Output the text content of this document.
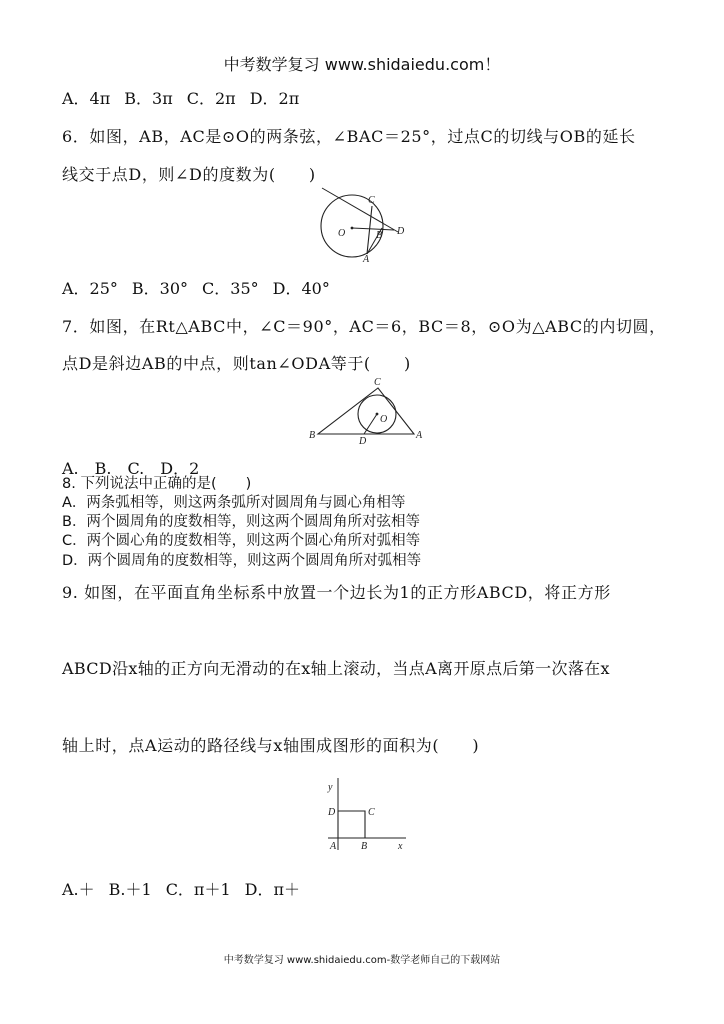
中考数学复习 www.shidaiedu.com！
A．4π B．3π C．2π D．2π
6．如图，AB，AC是⊙O的两条弦，∠BAC＝25°，过点C的切线与OB的延长
线交于点D，则∠D的度数为(　　)
C
O	B D
A
A．25° B．30° C．35° D．40°
7．如图，在Rt△ABC中，∠C＝90°，AC＝6，BC＝8，⊙O为△ABC的内切圆，
点D是斜边AB的中点，则tan∠ODA等于(　　)
C
O
B
D
A
A.　B.　C.　D．2
8. 下列说法中正确的是(　　)
A．两条弧相等，则这两条弧所对圆周角与圆心角相等
B．两个圆周角的度数相等，则这两个圆周角所对弦相等
C．两个圆心角的度数相等，则这两个圆心角所对弧相等
D．两个圆周角的度数相等，则这两个圆周角所对弧相等
9. 如图，在平面直角坐标系中放置一个边长为1的正方形ABCD，将正方形
ABCD沿x轴的正方向无滑动的在x轴上滚动，当点A离开原点后第一次落在x
轴上时，点A运动的路径线与x轴围成图形的面积为(　　)
y
D	C
A B	x
A.＋ B.＋1 C．π＋1 D．π＋
中考数学复习 www.shidaiedu.com-数学老师自己的下载网站
